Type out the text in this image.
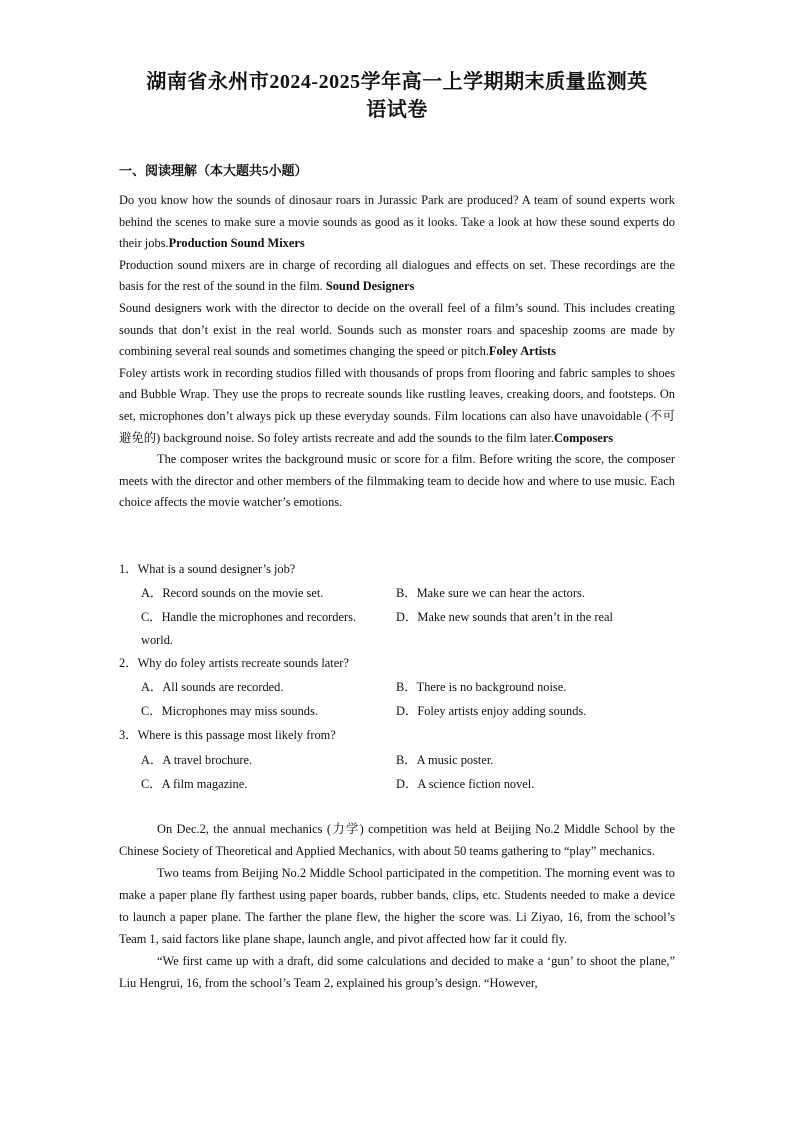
湖南省永州市2024-2025学年高一上学期期末质量监测英
语试卷
一、阅读理解（本大题共5小题）
Do you know how the sounds of dinosaur roars in Jurassic Park are produced? A team of sound experts work behind the scenes to make sure a movie sounds as good as it looks. Take a look at how these sound experts do their jobs.Production Sound Mixers
Production sound mixers are in charge of recording all dialogues and effects on set. These recordings are the basis for the rest of the sound in the film. Sound Designers
Sound designers work with the director to decide on the overall feel of a film’s sound. This includes creating sounds that don’t exist in the real world. Sounds such as monster roars and spaceship zooms are made by combining several real sounds and sometimes changing the speed or pitch.Foley Artists
Foley artists work in recording studios filled with thousands of props from flooring and fabric samples to shoes and Bubble Wrap. They use the props to recreate sounds like rustling leaves, creaking doors, and footsteps. On set, microphones don’t always pick up these everyday sounds. Film locations can also have unavoidable (不可避免的) background noise. So foley artists recreate and add the sounds to the film later.Composers
The composer writes the background music or score for a film. Before writing the score, the composer meets with the director and other members of the filmmaking team to decide how and where to use music. Each choice affects the movie watcher’s emotions.
1．What is a sound designer’s job?
A．Record sounds on the movie set.	B．Make sure we can hear the actors.
C．Handle the microphones and recorders.	D．Make new sounds that aren’t in the real
world.
2．Why do foley artists recreate sounds later?
A．All sounds are recorded.	B．There is no background noise.
C．Microphones may miss sounds.	D．Foley artists enjoy adding sounds.
3．Where is this passage most likely from?
A．A travel brochure.	B．A music poster.
C．A film magazine.	D．A science fiction novel.
On Dec.2, the annual mechanics (力学) competition was held at Beijing No.2 Middle School by the Chinese Society of Theoretical and Applied Mechanics, with about 50 teams gathering to “play” mechanics.
Two teams from Beijing No.2 Middle School participated in the competition. The morning event was to make a paper plane fly farthest using paper boards, rubber bands, clips, etc. Students needed to make a device to launch a paper plane. The farther the plane flew, the higher the score was. Li Ziyao, 16, from the school’s Team 1, said factors like plane shape, launch angle, and pivot affected how far it could fly.
“We first came up with a draft, did some calculations and decided to make a ‘gun’ to shoot the plane,” Liu Hengrui, 16, from the school’s Team 2, explained his group’s design. “However,
